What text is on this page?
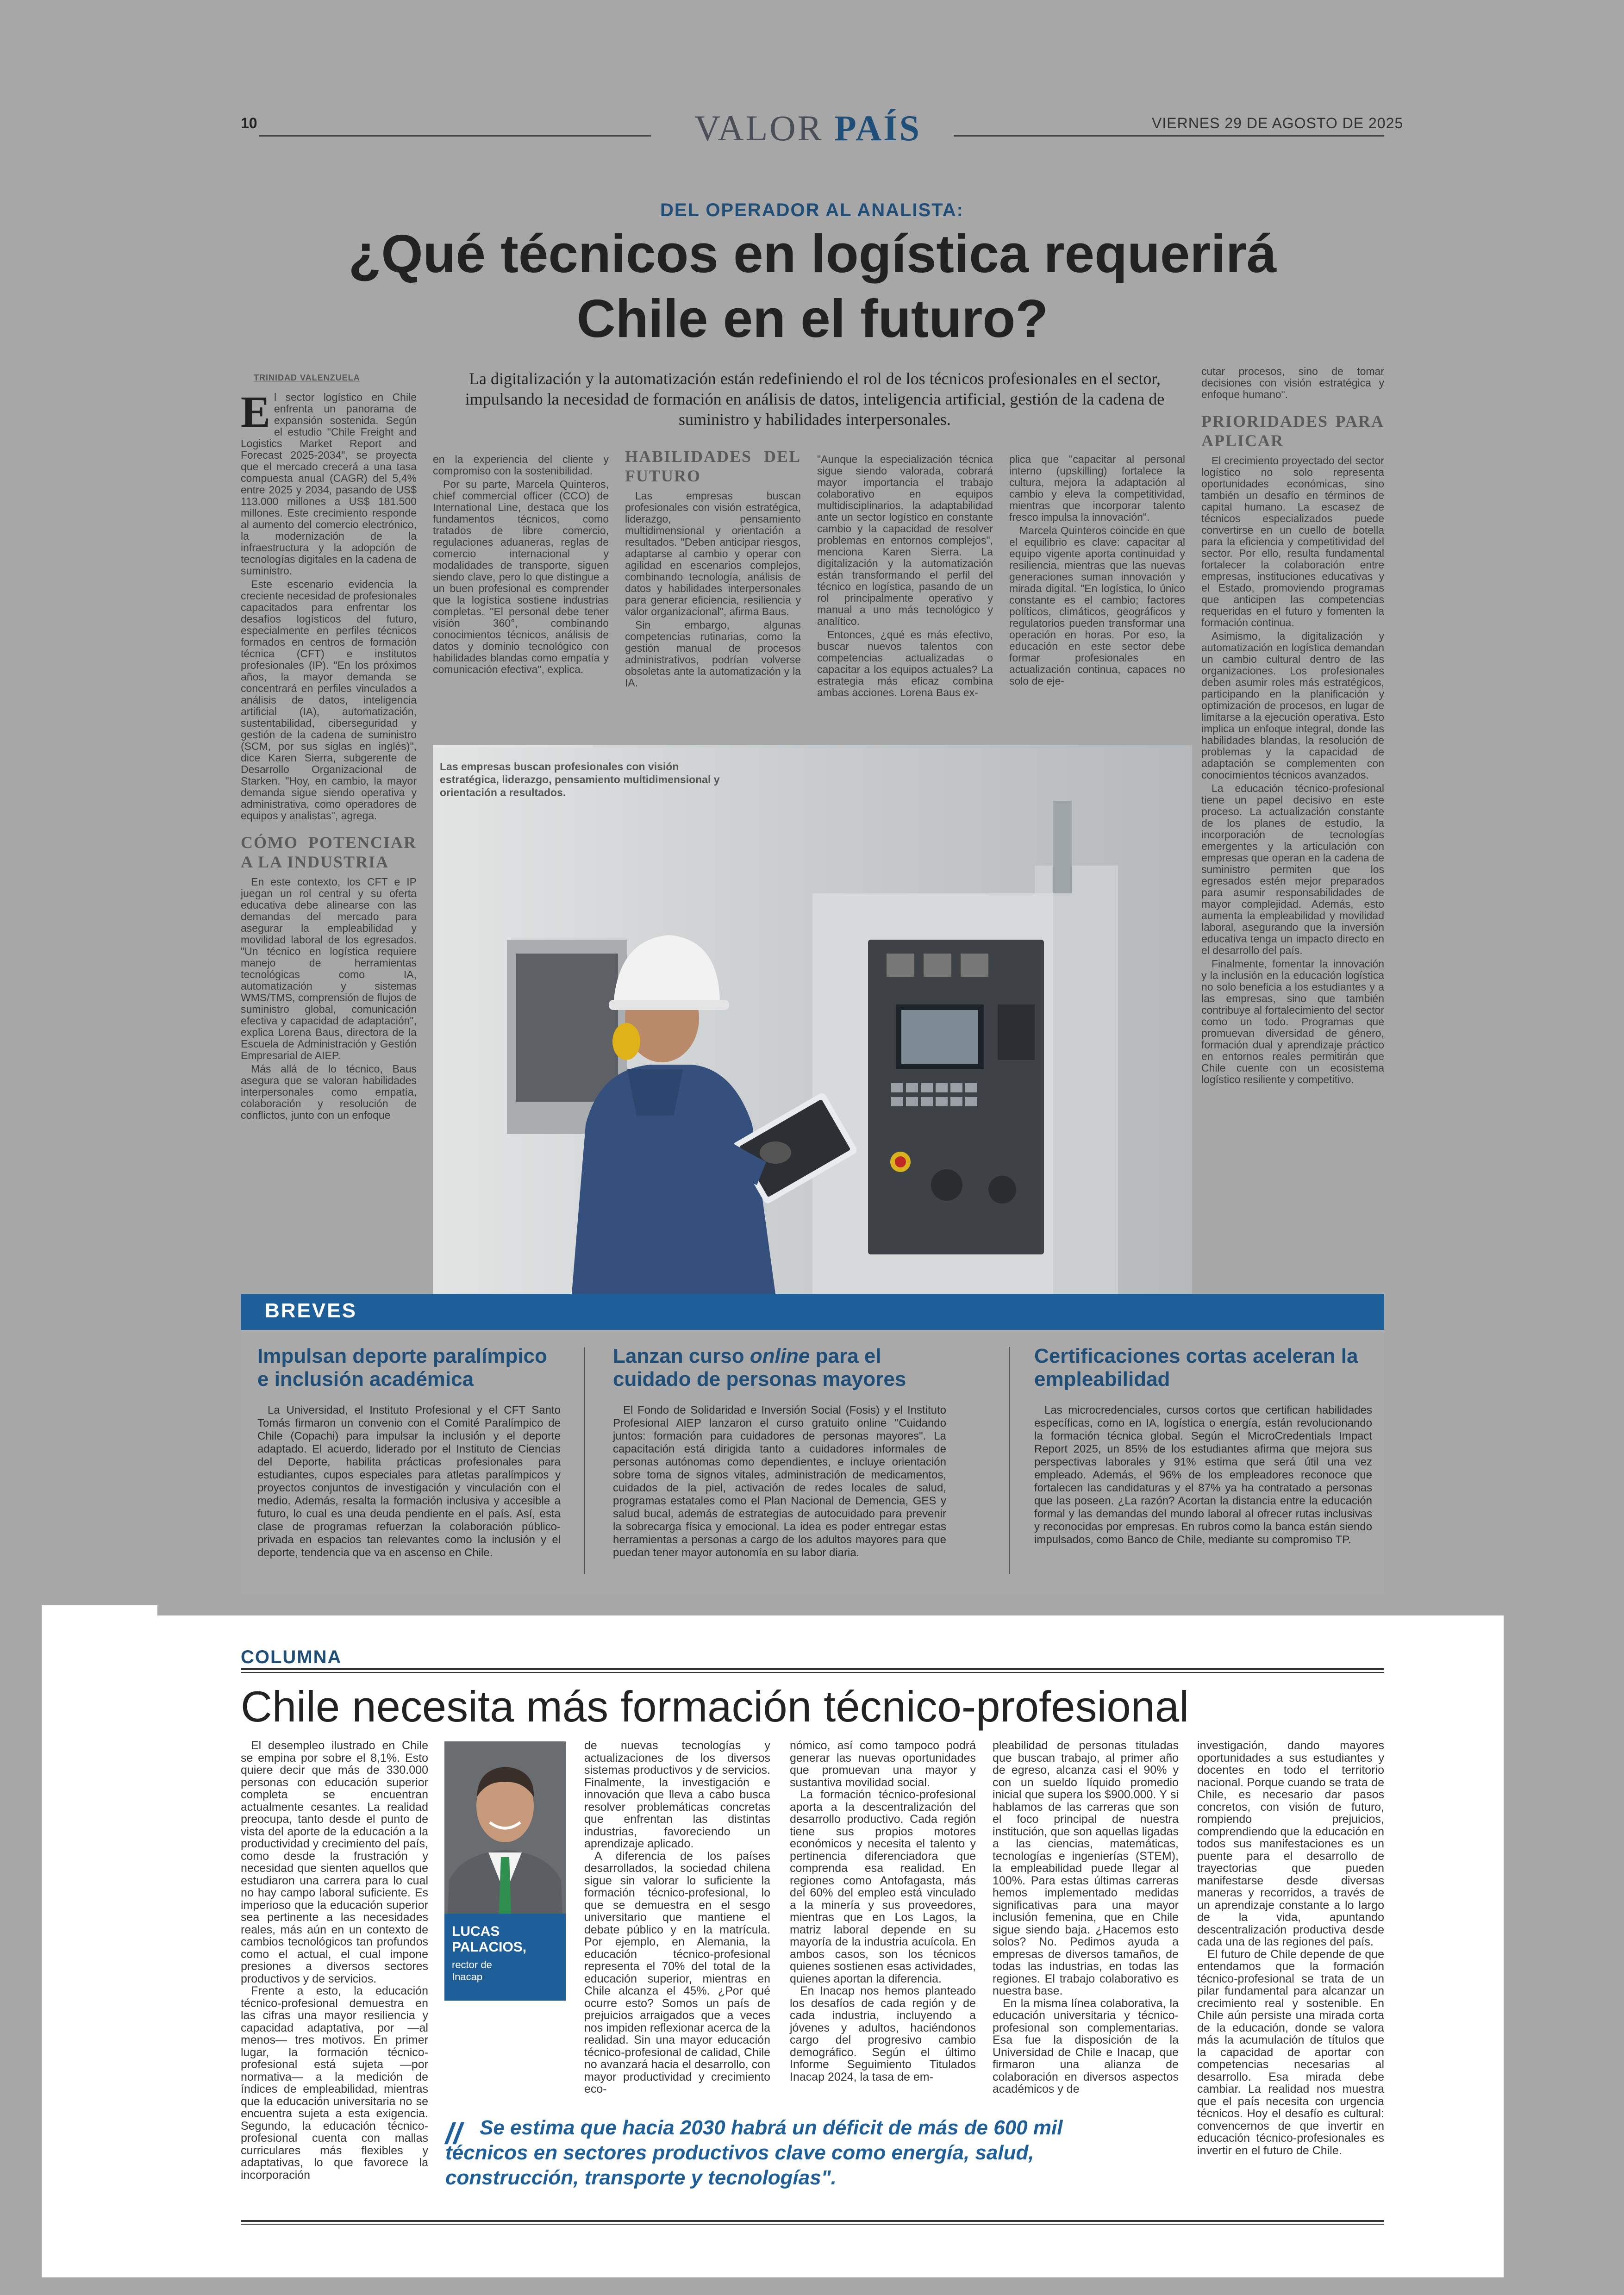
10	VALOR PAÍS	VIERNES 29 DE AGOSTO DE 2025
DEL OPERADOR AL ANALISTA:
¿Qué técnicos en logística requerirá
Chile en el futuro?
TRINIDAD VALENZUELA	La digitalización y la automatización están redefiniendo el rol de los técnicos profesionales en el sector, impulsando la necesidad de formación en análisis de datos, inteligencia artificial, gestión de la cadena de suministro y habilidades interpersonales.

El sector logístico en Chile enfrenta un panorama de expansión sostenida. Según el estudio "Chile Freight and Logistics Market Report and Forecast 2025-2034", se proyecta que el mercado crecerá a una tasa compuesta anual (CAGR) del 5,4% entre 2025 y 2034, pasando de US$ 113.000 millones a US$ 181.500 millones. Este crecimiento responde al aumento del comercio electrónico, la modernización de la infraestructura y la adopción de tecnologías digitales en la cadena de suministro.

Este escenario evidencia la creciente necesidad de profesionales capacitados para enfrentar los desafíos logísticos del futuro, especialmente en perfiles técnicos formados en centros de formación técnica (CFT) e institutos profesionales (IP). "En los próximos años, la mayor demanda se concentrará en perfiles vinculados a análisis de datos, inteligencia artificial (IA), automatización, sustentabilidad, ciberseguridad y gestión de la cadena de suministro (SCM, por sus siglas en inglés)", dice Karen Sierra, subgerente de Desarrollo Organizacional de Starken. "Hoy, en cambio, la mayor demanda sigue siendo operativa y administrativa, como operadores de equipos y analistas", agrega.

CÓMO POTENCIAR A LA INDUSTRIA

En este contexto, los CFT e IP juegan un rol central y su oferta educativa debe alinearse con las demandas del mercado para asegurar la empleabilidad y movilidad laboral de los egresados. "Un técnico en logística requiere manejo de herramientas tecnológicas como IA, automatización y sistemas WMS/TMS, comprensión de flujos de suministro global, comunicación efectiva y capacidad de adaptación", explica Lorena Baus, directora de la Escuela de Administración y Gestión Empresarial de AIEP.

Más allá de lo técnico, Baus asegura que se valoran habilidades interpersonales como empatía, colaboración y resolución de conflictos, junto con un enfoque

en la experiencia del cliente y compromiso con la sostenibilidad.

Por su parte, Marcela Quinteros, chief commercial officer (CCO) de International Line, destaca que los fundamentos técnicos, como tratados de libre comercio, regulaciones aduaneras, reglas de comercio internacional y modalidades de transporte, siguen siendo clave, pero lo que distingue a un buen profesional es comprender que la logística sostiene industrias completas. "El personal debe tener visión 360°, combinando conocimientos técnicos, análisis de datos y dominio tecnológico con habilidades blandas como empatía y comunicación efectiva", explica.

HABILIDADES DEL FUTURO

Las empresas buscan profesionales con visión estratégica, liderazgo, pensamiento multidimensional y orientación a resultados. "Deben anticipar riesgos, adaptarse al cambio y operar con agilidad en escenarios complejos, combinando tecnología, análisis de datos y habilidades interpersonales para generar eficiencia, resiliencia y valor organizacional", afirma Baus.

Sin embargo, algunas competencias rutinarias, como la gestión manual de procesos administrativos, podrían volverse obsoletas ante la automatización y la IA.

"Aunque la especialización técnica sigue siendo valorada, cobrará mayor importancia el trabajo colaborativo en equipos multidisciplinarios, la adaptabilidad ante un sector logístico en constante cambio y la capacidad de resolver problemas en entornos complejos", menciona Karen Sierra. La digitalización y la automatización están transformando el perfil del técnico en logística, pasando de un rol principalmente operativo y manual a uno más tecnológico y analítico.

Entonces, ¿qué es más efectivo, buscar nuevos talentos con competencias actualizadas o capacitar a los equipos actuales? La estrategia más eficaz combina ambas acciones. Lorena Baus ex-

plica que "capacitar al personal interno (upskilling) fortalece la cultura, mejora la adaptación al cambio y eleva la competitividad, mientras que incorporar talento fresco impulsa la innovación".

Marcela Quinteros coincide en que el equilibrio es clave: capacitar al equipo vigente aporta continuidad y resiliencia, mientras que las nuevas generaciones suman innovación y mirada digital. "En logística, lo único constante es el cambio; factores políticos, climáticos, geográficos y regulatorios pueden transformar una operación en horas. Por eso, la educación en este sector debe formar profesionales en actualización continua, capaces no solo de eje-

cutar procesos, sino de tomar decisiones con visión estratégica y enfoque humano".

PRIORIDADES PARA APLICAR

El crecimiento proyectado del sector logístico no solo representa oportunidades económicas, sino también un desafío en términos de capital humano. La escasez de técnicos especializados puede convertirse en un cuello de botella para la eficiencia y competitividad del sector. Por ello, resulta fundamental fortalecer la colaboración entre empresas, instituciones educativas y el Estado, promoviendo programas que anticipen las competencias requeridas en el futuro y fomenten la formación continua.

Asimismo, la digitalización y automatización en logística demandan un cambio cultural dentro de las organizaciones. Los profesionales deben asumir roles más estratégicos, participando en la planificación y optimización de procesos, en lugar de limitarse a la ejecución operativa. Esto implica un enfoque integral, donde las habilidades blandas, la resolución de problemas y la capacidad de adaptación se complementen con conocimientos técnicos avanzados.

La educación técnico-profesional tiene un papel decisivo en este proceso. La actualización constante de los planes de estudio, la incorporación de tecnologías emergentes y la articulación con empresas que operan en la cadena de suministro permiten que los egresados estén mejor preparados para asumir responsabilidades de mayor complejidad. Además, esto aumenta la empleabilidad y movilidad laboral, asegurando que la inversión educativa tenga un impacto directo en el desarrollo del país.

Finalmente, fomentar la innovación y la inclusión en la educación logística no solo beneficia a los estudiantes y a las empresas, sino que también contribuye al fortalecimiento del sector como un todo. Programas que promuevan diversidad de género, formación dual y aprendizaje práctico en entornos reales permitirán que Chile cuente con un ecosistema logístico resiliente y competitivo.

Las empresas buscan profesionales con visión estratégica, liderazgo, pensamiento multidimensional y orientación a resultados.
BREVES
Impulsan deporte paralímpico e inclusión académica

La Universidad, el Instituto Profesional y el CFT Santo Tomás firmaron un convenio con el Comité Paralímpico de Chile (Copachi) para impulsar la inclusión y el deporte adaptado. El acuerdo, liderado por el Instituto de Ciencias del Deporte, habilita prácticas profesionales para estudiantes, cupos especiales para atletas paralímpicos y proyectos conjuntos de investigación y vinculación con el medio. Además, resalta la formación inclusiva y accesible a futuro, lo cual es una deuda pendiente en el país. Así, esta clase de programas refuerzan la colaboración público-privada en espacios tan relevantes como la inclusión y el deporte, tendencia que va en ascenso en Chile.

Lanzan curso online para el cuidado de personas mayores

El Fondo de Solidaridad e Inversión Social (Fosis) y el Instituto Profesional AIEP lanzaron el curso gratuito online "Cuidando juntos: formación para cuidadores de personas mayores". La capacitación está dirigida tanto a cuidadores informales de personas autónomas como dependientes, e incluye orientación sobre toma de signos vitales, administración de medicamentos, cuidados de la piel, activación de redes locales de salud, programas estatales como el Plan Nacional de Demencia, GES y salud bucal, además de estrategias de autocuidado para prevenir la sobrecarga física y emocional. La idea es poder entregar estas herramientas a personas a cargo de los adultos mayores para que puedan tener mayor autonomía en su labor diaria.

Certificaciones cortas aceleran la empleabilidad

Las microcredenciales, cursos cortos que certifican habilidades específicas, como en IA, logística o energía, están revolucionando la formación técnica global. Según el MicroCredentials Impact Report 2025, un 85% de los estudiantes afirma que mejora sus perspectivas laborales y 91% estima que será útil una vez empleado. Además, el 96% de los empleadores reconoce que fortalecen las candidaturas y el 87% ya ha contratado a personas que las poseen. ¿La razón? Acortan la distancia entre la educación formal y las demandas del mundo laboral al ofrecer rutas inclusivas y reconocidas por empresas. En rubros como la banca están siendo impulsados, como Banco de Chile, mediante su compromiso TP.

COLUMNA
Chile necesita más formación técnico-profesional

El desempleo ilustrado en Chile se empina por sobre el 8,1%. Esto quiere decir que más de 330.000 personas con educación superior completa se encuentran actualmente cesantes. La realidad preocupa, tanto desde el punto de vista del aporte de la educación a la productividad y crecimiento del país, como desde la frustración y necesidad que sienten aquellos que estudiaron una carrera para lo cual no hay campo laboral suficiente. Es imperioso que la educación superior sea pertinente a las necesidades reales, más aún en un contexto de cambios tecnológicos tan profundos como el actual, el cual impone presiones a diversos sectores productivos y de servicios.

Frente a esto, la educación técnico-profesional demuestra en las cifras una mayor resiliencia y capacidad adaptativa, por —al menos— tres motivos. En primer lugar, la formación técnico-profesional está sujeta —por normativa— a la medición de índices de empleabilidad, mientras que la educación universitaria no se encuentra sujeta a esta exigencia. Segundo, la educación técnico-profesional cuenta con mallas curriculares más flexibles y adaptativas, lo que favorece la incorporación

LUCAS
PALACIOS,
rector de
Inacap

de nuevas tecnologías y actualizaciones de los diversos sistemas productivos y de servicios. Finalmente, la investigación e innovación que lleva a cabo busca resolver problemáticas concretas que enfrentan las distintas industrias, favoreciendo un aprendizaje aplicado.

A diferencia de los países desarrollados, la sociedad chilena sigue sin valorar lo suficiente la formación técnico-profesional, lo que se demuestra en el sesgo universitario que mantiene el debate público y en la matrícula. Por ejemplo, en Alemania, la educación técnico-profesional representa el 70% del total de la educación superior, mientras en Chile alcanza el 45%. ¿Por qué ocurre esto? Somos un país de prejuicios arraigados que a veces nos impiden reflexionar acerca de la realidad. Sin una mayor educación técnico-profesional de calidad, Chile no avanzará hacia el desarrollo, con mayor productividad y crecimiento eco-

nómico, así como tampoco podrá generar las nuevas oportunidades que promuevan una mayor y sustantiva movilidad social.

La formación técnico-profesional aporta a la descentralización del desarrollo productivo. Cada región tiene sus propios motores económicos y necesita el talento y pertinencia diferenciadora que comprenda esa realidad. En regiones como Antofagasta, más del 60% del empleo está vinculado a la minería y sus proveedores, mientras que en Los Lagos, la matriz laboral depende en su mayoría de la industria acuícola. En ambos casos, son los técnicos quienes sostienen esas actividades, quienes aportan la diferencia.

En Inacap nos hemos planteado los desafíos de cada región y de cada industria, incluyendo a jóvenes y adultos, haciéndonos cargo del progresivo cambio demográfico. Según el último Informe Seguimiento Titulados Inacap 2024, la tasa de em-

pleabilidad de personas tituladas que buscan trabajo, al primer año de egreso, alcanza casi el 90% y con un sueldo líquido promedio inicial que supera los $900.000. Y si hablamos de las carreras que son el foco principal de nuestra institución, que son aquellas ligadas a las ciencias, matemáticas, tecnologías e ingenierías (STEM), la empleabilidad puede llegar al 100%. Para estas últimas carreras hemos implementado medidas significativas para una mayor inclusión femenina, que en Chile sigue siendo baja. ¿Hacemos esto solos? No. Pedimos ayuda a empresas de diversos tamaños, de todas las industrias, en todas las regiones. El trabajo colaborativo es nuestra base.

En la misma línea colaborativa, la educación universitaria y técnico-profesional son complementarias. Esa fue la disposición de la Universidad de Chile e Inacap, que firmaron una alianza de colaboración en diversos aspectos académicos y de

investigación, dando mayores oportunidades a sus estudiantes y docentes en todo el territorio nacional. Porque cuando se trata de Chile, es necesario dar pasos concretos, con visión de futuro, rompiendo prejuicios, comprendiendo que la educación en todos sus manifestaciones es un puente para el desarrollo de trayectorias que pueden manifestarse desde diversas maneras y recorridos, a través de un aprendizaje constante a lo largo de la vida, apuntando descentralización productiva desde cada una de las regiones del país.

El futuro de Chile depende de que entendamos que la formación técnico-profesional se trata de un pilar fundamental para alcanzar un crecimiento real y sostenible. En Chile aún persiste una mirada corta de la educación, donde se valora más la acumulación de títulos que la capacidad de aportar con competencias necesarias al desarrollo. Esa mirada debe cambiar. La realidad nos muestra que el país necesita con urgencia técnicos. Hoy el desafío es cultural: convencernos de que invertir en educación técnico-profesionales es invertir en el futuro de Chile.

// Se estima que hacia 2030 habrá un déficit de más de 600 mil técnicos en sectores productivos clave como energía, salud, construcción, transporte y tecnologías".
